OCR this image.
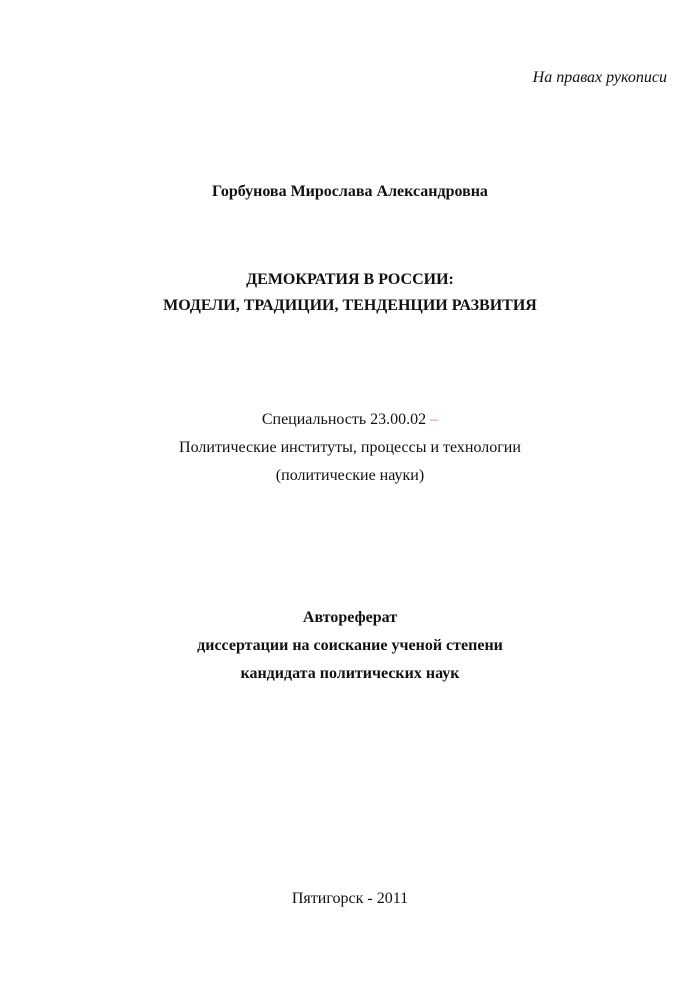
На правах рукописи
Горбунова Мирослава Александровна
ДЕМОКРАТИЯ В РОССИИ:
МОДЕЛИ, ТРАДИЦИИ, ТЕНДЕНЦИИ РАЗВИТИЯ
Специальность 23.00.02 –
Политические институты, процессы и технологии
(политические науки)
Автореферат
диссертации на соискание ученой степени
кандидата политических наук
Пятигорск - 2011
